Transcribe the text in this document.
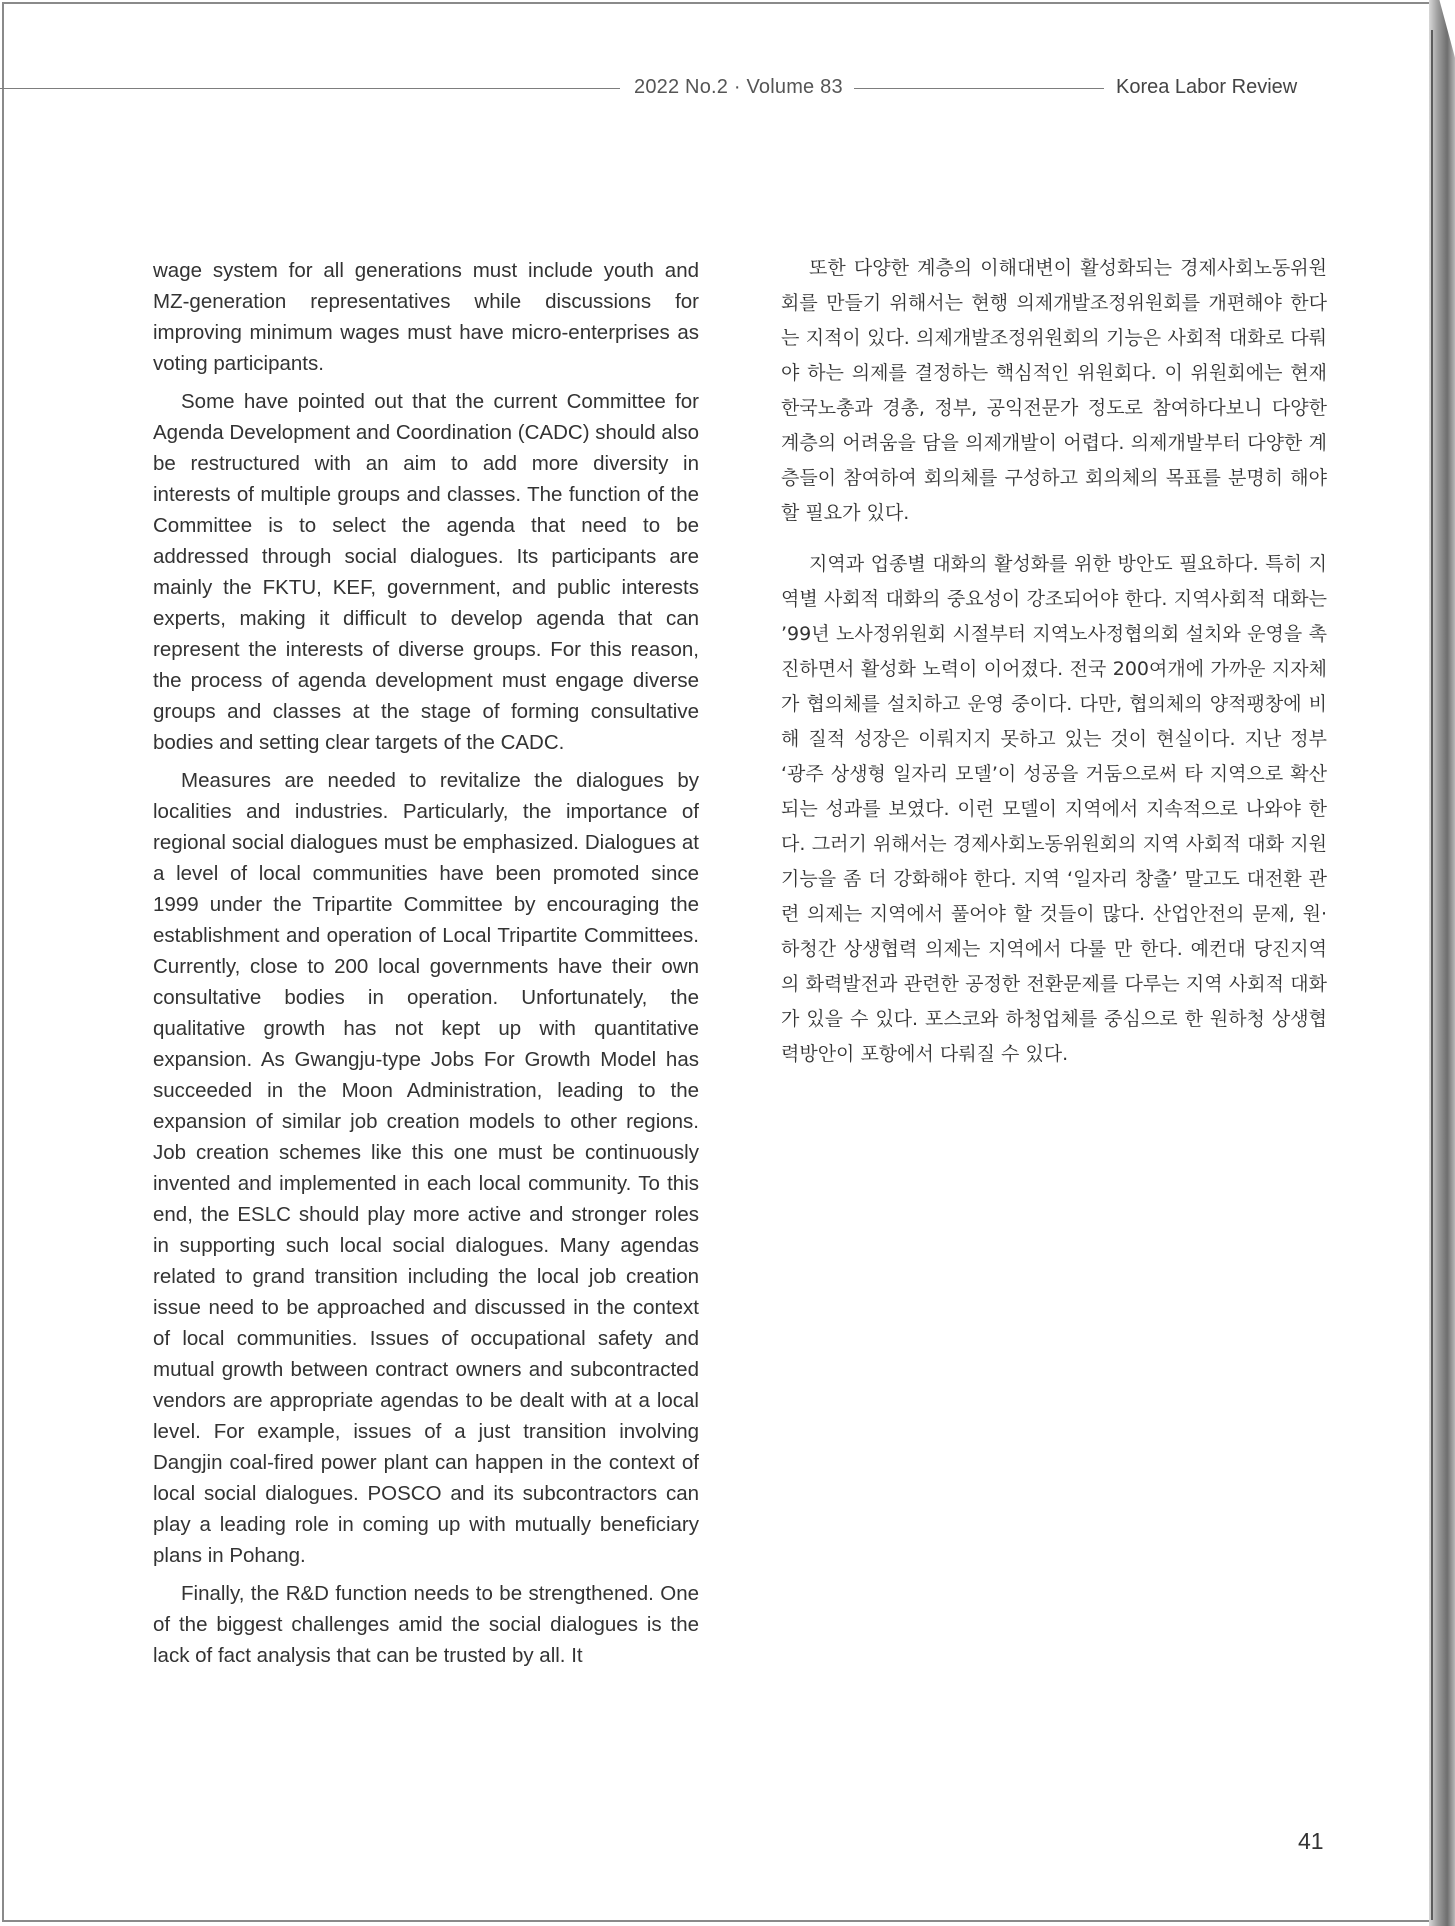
2022 No.2 · Volume 83	Korea Labor Review

wage system for all generations must include youth and MZ-generation representatives while discussions for improving minimum wages must have micro-enterprises as voting participants.

Some have pointed out that the current Committee for Agenda Development and Coordination (CADC) should also be restructured with an aim to add more diversity in interests of multiple groups and classes. The function of the Committee is to select the agenda that need to be addressed through social dialogues. Its participants are mainly the FKTU, KEF, government, and public interests experts, making it difficult to develop agenda that can represent the interests of diverse groups. For this reason, the process of agenda development must engage diverse groups and classes at the stage of forming consultative bodies and setting clear targets of the CADC.

Measures are needed to revitalize the dialogues by localities and industries. Particularly, the importance of regional social dialogues must be emphasized. Dialogues at a level of local communities have been promoted since 1999 under the Tripartite Committee by encouraging the establishment and operation of Local Tripartite Committees. Currently, close to 200 local governments have their own consultative bodies in operation. Unfortunately, the qualitative growth has not kept up with quantitative expansion. As Gwangju-type Jobs For Growth Model has succeeded in the Moon Administration, leading to the expansion of similar job creation models to other regions. Job creation schemes like this one must be continuously invented and implemented in each local community. To this end, the ESLC should play more active and stronger roles in supporting such local social dialogues. Many agendas related to grand transition including the local job creation issue need to be approached and discussed in the context of local communities. Issues of occupational safety and mutual growth between contract owners and subcontracted vendors are appropriate agendas to be dealt with at a local level. For example, issues of a just transition involving Dangjin coal-fired power plant can happen in the context of local social dialogues. POSCO and its subcontractors can play a leading role in coming up with mutually beneficiary plans in Pohang.

Finally, the R&D function needs to be strengthened. One of the biggest challenges amid the social dialogues is the lack of fact analysis that can be trusted by all. It

또한 다양한 계층의 이해대변이 활성화되는 경제사회노동위원회를 만들기 위해서는 현행 의제개발조정위원회를 개편해야 한다는 지적이 있다. 의제개발조정위원회의 기능은 사회적 대화로 다뤄야 하는 의제를 결정하는 핵심적인 위원회다. 이 위원회에는 현재 한국노총과 경총, 정부, 공익전문가 정도로 참여하다보니 다양한 계층의 어려움을 담을 의제개발이 어렵다. 의제개발부터 다양한 계층들이 참여하여 회의체를 구성하고 회의체의 목표를 분명히 해야할 필요가 있다.

지역과 업종별 대화의 활성화를 위한 방안도 필요하다. 특히 지역별 사회적 대화의 중요성이 강조되어야 한다. 지역사회적 대화는 ’99년 노사정위원회 시절부터 지역노사정협의회 설치와 운영을 촉진하면서 활성화 노력이 이어졌다. 전국 200여개에 가까운 지자체가 협의체를 설치하고 운영 중이다. 다만, 협의체의 양적팽창에 비해 질적 성장은 이뤄지지 못하고 있는 것이 현실이다. 지난 정부 ‘광주 상생형 일자리 모델’이 성공을 거둠으로써 타 지역으로 확산되는 성과를 보였다. 이런 모델이 지역에서 지속적으로 나와야 한다. 그러기 위해서는 경제사회노동위원회의 지역 사회적 대화 지원 기능을 좀 더 강화해야 한다. 지역 ‘일자리 창출’ 말고도 대전환 관련 의제는 지역에서 풀어야 할 것들이 많다. 산업안전의 문제, 원·하청간 상생협력 의제는 지역에서 다룰 만 한다. 예컨대 당진지역의 화력발전과 관련한 공정한 전환문제를 다루는 지역 사회적 대화가 있을 수 있다. 포스코와 하청업체를 중심으로 한 원하청 상생협력방안이 포항에서 다뤄질 수 있다.

41
